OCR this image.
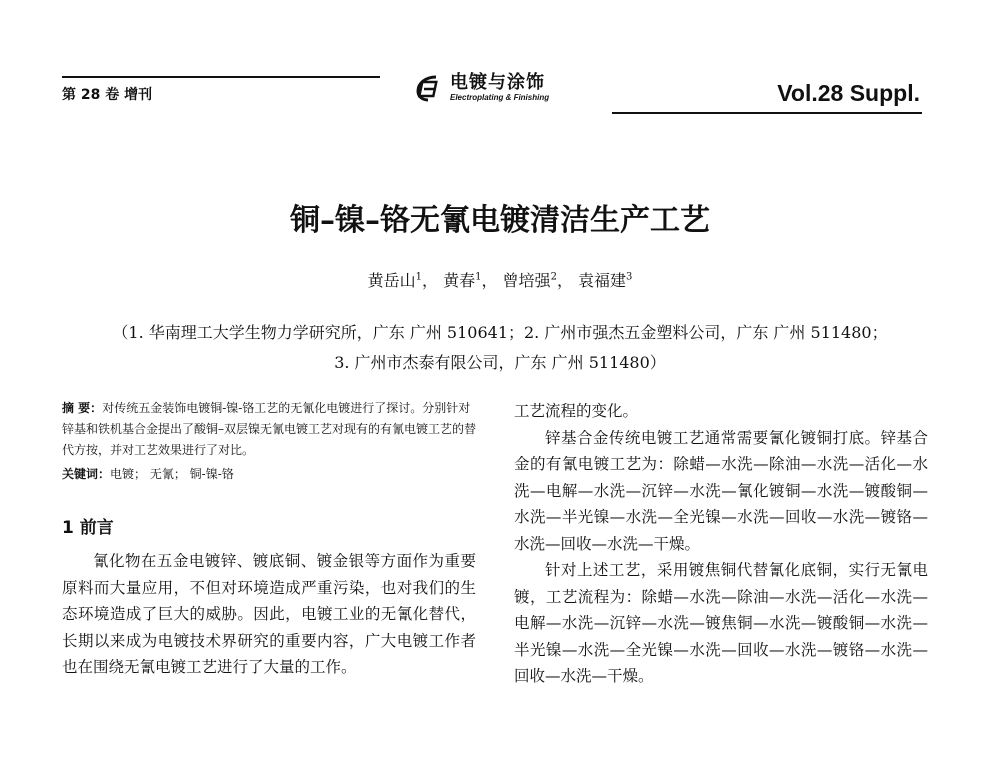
第 28 卷 增刊
电镀与涂饰
Electroplating & Finishing	Vol.28 Suppl.
铜–镍–铬无氰电镀清洁生产工艺
黄岳山$^1$， 黄春$^1$， 曾培强$^2$， 袁福建$^3$
（1. 华南理工大学生物力学研究所，广东 广州 510641；2. 广州市强杰五金塑料公司，广东 广州 511480；
3. 广州市杰泰有限公司，广东 广州 511480）
摘 要：对传统五金装饰电镀铜-镍-铬工艺的无氰化电镀进行了探讨。分别针对锌基和铁机基合金提出了酸铜–双层镍无氰电镀工艺对现有的有氰电镀工艺的替代方按，并对工艺效果进行了对比。
关键词：电镀； 无氰； 铜-镍-铬
1 前言

氰化物在五金电镀锌、镀底铜、镀金银等方面作为重要原料而大量应用，不但对环境造成严重污染，也对我们的生态环境造成了巨大的威胁。因此，电镀工业的无氰化替代，长期以来成为电镀技术界研究的重要内容，广大电镀工作者也在围绕无氰电镀工艺进行了大量的工作。

工艺流程的变化。

锌基合金传统电镀工艺通常需要氰化镀铜打底。锌基合金的有氰电镀工艺为：除蜡—水洗—除油—水洗—活化—水洗—电解—水洗—沉锌—水洗—氰化镀铜—水洗—镀酸铜—水洗—半光镍—水洗—全光镍—水洗—回收—水洗—镀铬—水洗—回收—水洗—干燥。

针对上述工艺，采用镀焦铜代替氰化底铜，实行无氰电镀，工艺流程为：除蜡—水洗—除油—水洗—活化—水洗—电解—水洗—沉锌—水洗—镀焦铜—水洗—镀酸铜—水洗—半光镍—水洗—全光镍—水洗—回收—水洗—镀铬—水洗—回收—水洗—干燥。
